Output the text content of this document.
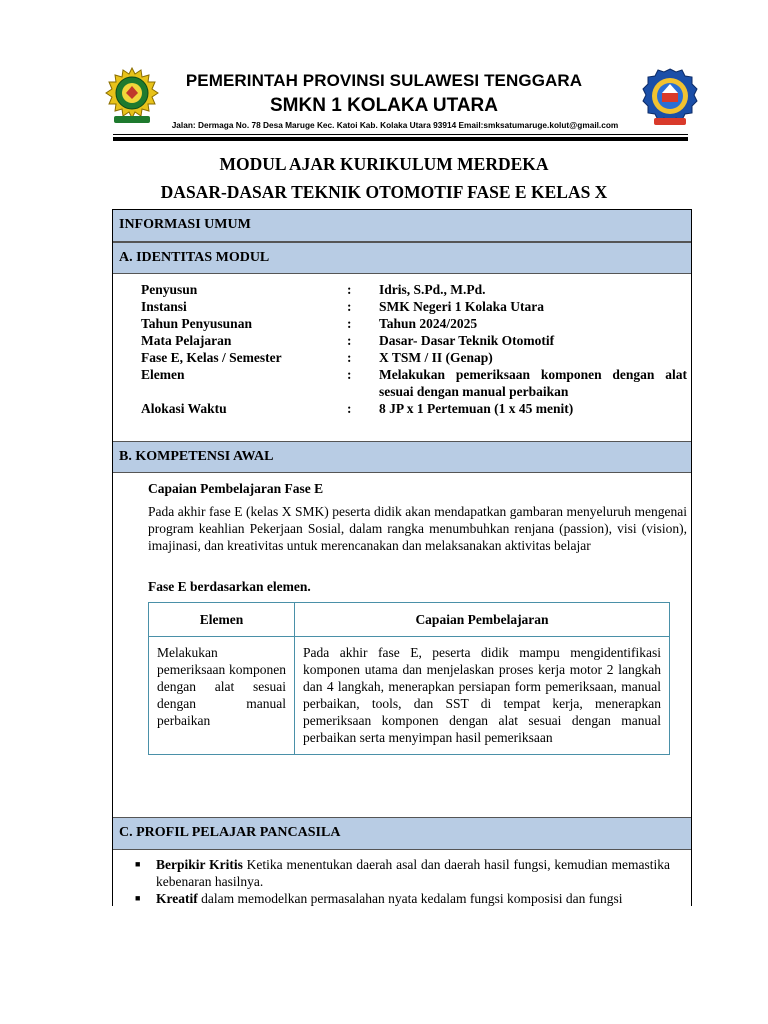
PEMERINTAH PROVINSI SULAWESI TENGGARA
SMKN 1 KOLAKA UTARA
Jalan: Dermaga No. 78 Desa Maruge Kec. Katoi Kab. Kolaka Utara 93914 Email:smksatumaruge.kolut@gmail.com
MODUL AJAR KURIKULUM MERDEKA
DASAR-DASAR TEKNIK OTOMOTIF FASE E KELAS X
INFORMASI UMUM
A. IDENTITAS MODUL
Penyusun	:	Idris, S.Pd., M.Pd.
Instansi	:	SMK Negeri 1 Kolaka Utara
Tahun Penyusunan	:	Tahun 2024/2025
Mata Pelajaran	:	Dasar- Dasar Teknik Otomotif
Fase E, Kelas / Semester	:	X TSM / II (Genap)
Elemen	:	Melakukan pemeriksaan komponen dengan alat sesuai dengan manual perbaikan
Alokasi Waktu	:	8 JP x 1 Pertemuan (1 x 45 menit)
B. KOMPETENSI AWAL
Capaian Pembelajaran Fase E
Pada akhir fase E (kelas X SMK) peserta didik akan mendapatkan gambaran menyeluruh mengenai program keahlian Pekerjaan Sosial, dalam rangka menumbuhkan renjana (passion), visi (vision), imajinasi, dan kreativitas untuk merencanakan dan melaksanakan aktivitas belajar
Fase E berdasarkan elemen.
Elemen	Capaian Pembelajaran
Melakukan pemeriksaan komponen dengan alat sesuai dengan manual perbaikan	Pada akhir fase E, peserta didik mampu mengidentifikasi komponen utama dan menjelaskan proses kerja motor 2 langkah dan 4 langkah, menerapkan persiapan form pemeriksaan, manual perbaikan, tools, dan SST di tempat kerja, menerapkan pemeriksaan komponen dengan alat sesuai dengan manual perbaikan serta menyimpan hasil pemeriksaan
C. PROFIL PELAJAR PANCASILA
■	Berpikir Kritis Ketika menentukan daerah asal dan daerah hasil fungsi, kemudian memastika kebenaran hasilnya.
■	Kreatif dalam memodelkan permasalahan nyata kedalam fungsi komposisi dan fungsi
